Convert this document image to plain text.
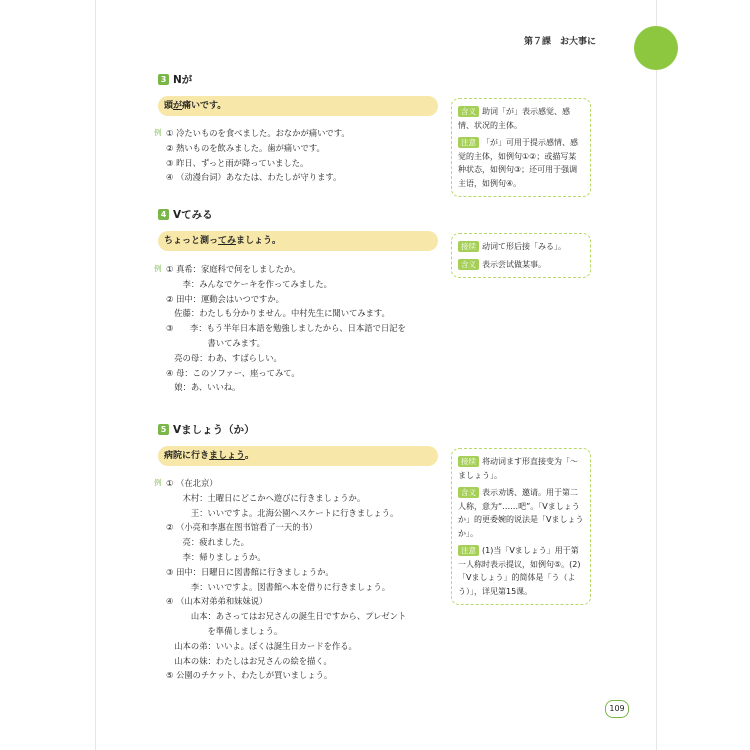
第７課　お大事に
3 Nが
頭が痛いです。
例 ① 冷たいものを食べました。おなかが痛いです。
② 熱いものを飲みました。歯が痛いです。
③ 昨日、ずっと雨が降っていました。
④ （动漫台词）あなたは、わたしが守ります。

含义 助词「が」表示感觉、感情、状况的主体。

注意 「が」可用于提示感情、感觉的主体，如例句①②；或描写某种状态，如例句③；还可用于强调主语，如例句④。

4 Vてみる
ちょっと測ってみましょう。
例 ① 真希：家庭科で何をしましたか。
　　李：みんなでケーキを作ってみました。
② 田中：運動会はいつですか。
　佐藤：わたしも分かりません。中村先生に聞いてみます。
③　　李：もう半年日本語を勉強しましたから、日本語で日記を
　　　　　書いてみます。
　亮の母：わあ、すばらしい。
④ 母：このソファー、座ってみて。
　娘：あ、いいね。

接续 动词て形后接「みる」。

含义 表示尝试做某事。

5 Vましょう（か）
病院に行きましょう。
例 ① （在北京）
　　木村：土曜日にどこかへ遊びに行きましょうか。
　　　王：いいですよ。北海公園へスケートに行きましょう。
② （小亮和李惠在图书馆看了一天的书）
　　亮：疲れました。
　　李：帰りましょうか。
③ 田中：日曜日に図書館に行きましょうか。
　　　李：いいですよ。図書館へ本を借りに行きましょう。
④ （山本对弟弟和妹妹说）
　　　山本：あさってはお兄さんの誕生日ですから、プレゼント
　　　　　を準備しましょう。
　山本の弟：いいよ。ぼくは誕生日カードを作る。
　山本の妹：わたしはお兄さんの絵を描く。
⑤ 公園のチケット、わたしが買いましょう。

接续 将动词ます形直接变为「〜ましょう」。

含义 表示劝诱、邀请。用于第二人称，意为“……吧”。「Vましょうか」的更委婉的说法是「Vましょうか」。

注意 (1)当「Vましょう」用于第一人称时表示提议，如例句⑤。(2)「Vましょう」的简体是「う（よう）」，详见第15课。

109
